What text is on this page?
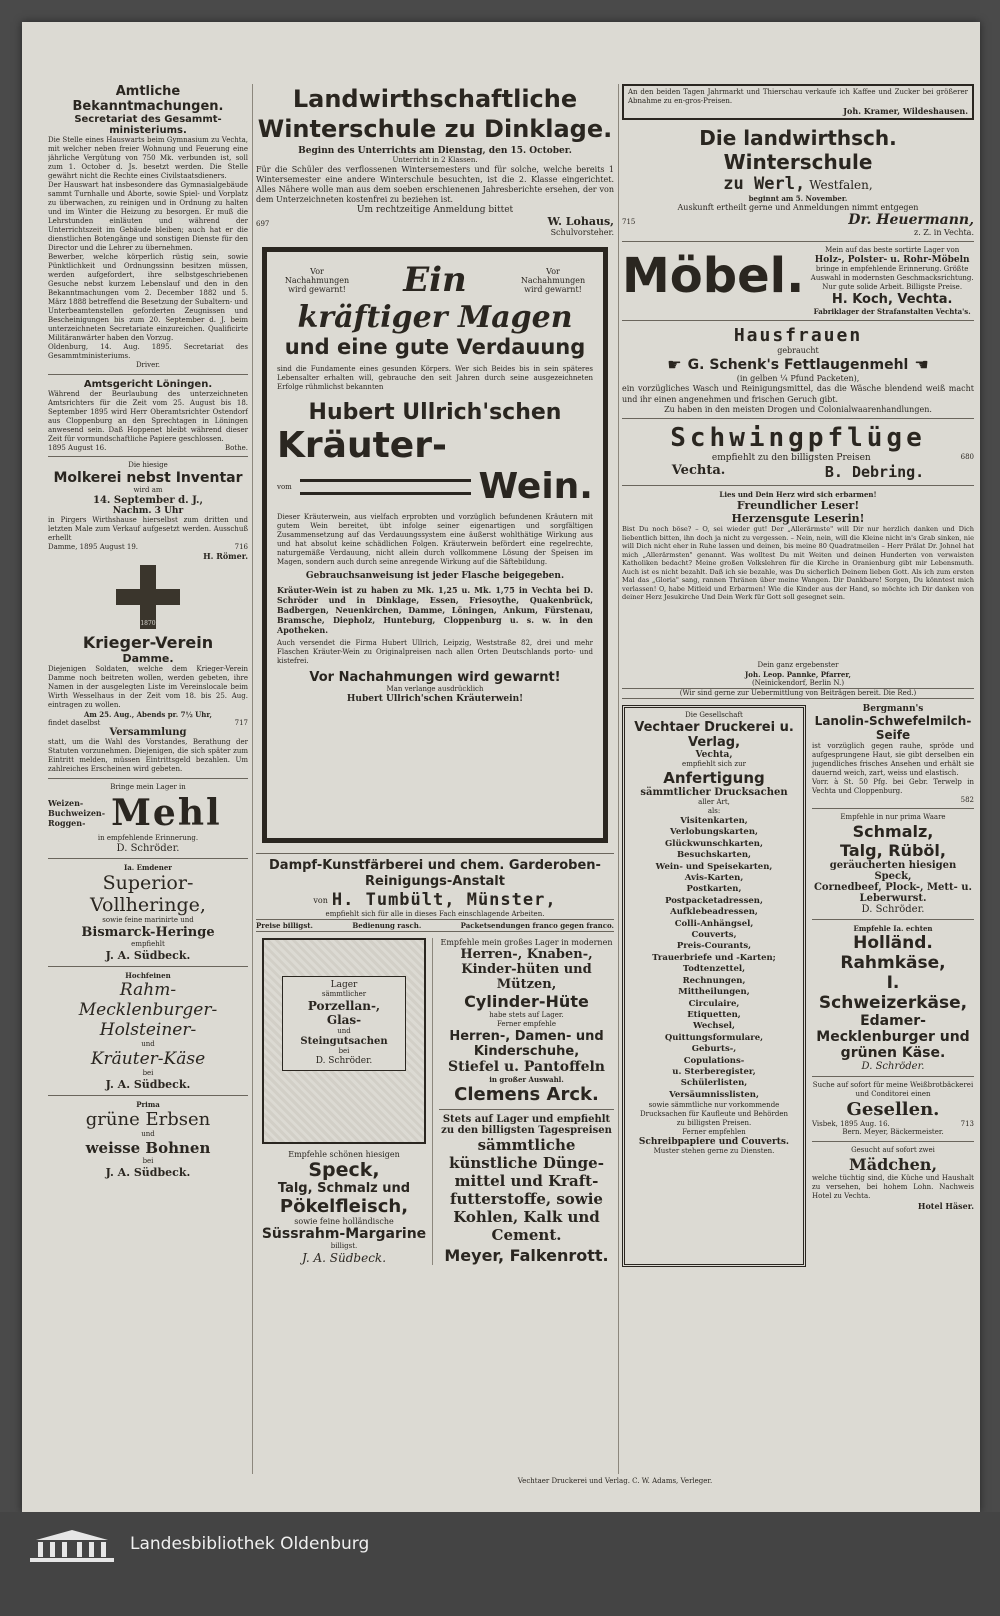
Amtliche Bekanntmachungen.

Secretariat des Gesammt-ministeriums.

Die Stelle eines Hauswarts beim Gymnasium zu Vechta, mit welcher neben freier Wohnung und Feuerung eine jährliche Vergütung von 750 Mk. verbunden ist, soll zum 1. October d. Js. besetzt werden. Die Stelle gewährt nicht die Rechte eines Civilstaatsdieners.

Der Hauswart hat insbesondere das Gymnasialgebäude sammt Turnhalle und Aborte, sowie Spiel- und Vorplatz zu überwachen, zu reinigen und in Ordnung zu halten und im Winter die Heizung zu besorgen. Er muß die Lehrstunden einläuten und während der Unterrichtszeit im Gebäude bleiben; auch hat er die dienstlichen Botengänge und sonstigen Dienste für den Director und die Lehrer zu übernehmen.

Bewerber, welche körperlich rüstig sein, sowie Pünktlichkeit und Ordnungssinn besitzen müssen, werden aufgefordert, ihre selbstgeschriebenen Gesuche nebst kurzem Lebenslauf und den in den Bekanntmachungen vom 2. December 1882 und 5. März 1888 betreffend die Besetzung der Subaltern- und Unterbeamtenstellen geforderten Zeugnissen und Bescheinigungen bis zum 20. September d. J. beim unterzeichneten Secretariate einzureichen. Qualificirte Militäranwärter haben den Vorzug.

Oldenburg, 14. Aug. 1895. Secretariat des Gesammtministeriums.

Driver.

Amtsgericht Löningen.

Während der Beurlaubung des unterzeichneten Amtsrichters für die Zeit vom 25. August bis 18. September 1895 wird Herr Oberamtsrichter Ostendorf aus Cloppenburg an den Sprechtagen in Löningen anwesend sein. Daß Hoppenet bleibt während dieser Zeit für vormundschaftliche Papiere geschlossen.

1895 August 16.	Bothe.

Die hiesige

Molkerei nebst Inventar

wird am

14. September d. J.,

Nachm. 3 Uhr

in Pirgers Wirthshause hierselbst zum dritten und letzten Male zum Verkauf aufgesetzt werden. Ausschuß erhellt

Damme, 1895 August 19.	716

H. Römer.

1870

Krieger-Verein

Damme.

Diejenigen Soldaten, welche dem Krieger-Verein Damme noch beitreten wollen, werden gebeten, ihre Namen in der ausgelegten Liste im Vereinslocale beim Wirth Wesselhaus in der Zeit vom 18. bis 25. Aug. eintragen zu wollen.

Am 25. Aug., Abends pr. 7½ Uhr,

findet daselbst	717

Versammlung

statt, um die Wahl des Vorstandes, Berathung der Statuten vorzunehmen. Diejenigen, die sich später zum Eintritt melden, müssen Eintrittsgeld bezahlen. Um zahlreiches Erscheinen wird gebeten.

Bringe mein Lager in

Weizen-
Buchweizen-
Roggen- Mehl

in empfehlende Erinnerung.

D. Schröder.

Ia. Emdener

Superior-

Vollheringe,

sowie feine marinirte und

Bismarck-Heringe

empfiehlt

J. A. Südbeck.

Hochfeinen

Rahm-

Mecklenburger-

Holsteiner-

und

Kräuter-Käse

bei

J. A. Südbeck.

Prima

grüne Erbsen

und

weisse Bohnen

bei

J. A. Südbeck.

Landwirthschaftliche Winterschule zu Dinklage.

Beginn des Unterrichts am Dienstag, den 15. October.

Unterricht in 2 Klassen.

Für die Schüler des verflossenen Wintersemesters und für solche, welche bereits 1 Wintersemester eine andere Winterschule besuchten, ist die 2. Klasse eingerichtet. Alles Nähere wolle man aus dem soeben erschienenen Jahresberichte ersehen, der von dem Unterzeichneten kostenfrei zu beziehen ist.

Um rechtzeitige Anmeldung bittet

697	W. Lohaus,

Schulvorsteher.

Vor Nachahmungen wird gewarnt!	Ein	Vor Nachahmungen wird gewarnt!

kräftiger Magen

und eine gute Verdauung

sind die Fundamente eines gesunden Körpers. Wer sich Beides bis in sein späteres Lebensalter erhalten will, gebrauche den seit Jahren durch seine ausgezeichneten Erfolge rühmlichst bekannten

Hubert Ullrich'schen

Kräuter-

vom	Wein.

Dieser Kräuterwein, aus vielfach erprobten und vorzüglich befundenen Kräutern mit gutem Wein bereitet, übt infolge seiner eigenartigen und sorgfältigen Zusammensetzung auf das Verdauungssystem eine äußerst wohlthätige Wirkung aus und hat absolut keine schädlichen Folgen. Kräuterwein befördert eine regelrechte, naturgemäße Verdauung, nicht allein durch vollkommene Lösung der Speisen im Magen, sondern auch durch seine anregende Wirkung auf die Säftebildung.

Gebrauchsanweisung ist jeder Flasche beigegeben.

Kräuter-Wein ist zu haben zu Mk. 1,25 u. Mk. 1,75 in Vechta bei D. Schröder und in Dinklage, Essen, Friesoythe, Quakenbrück, Badbergen, Neuenkirchen, Damme, Löningen, Ankum, Fürstenau, Bramsche, Diepholz, Hunteburg, Cloppenburg u. s. w. in den Apotheken.

Auch versendet die Firma Hubert Ullrich, Leipzig, Weststraße 82, drei und mehr Flaschen Kräuter-Wein zu Originalpreisen nach allen Orten Deutschlands porto- und kistefrei.

Vor Nachahmungen wird gewarnt!

Man verlange ausdrücklich

Hubert Ullrich'schen Kräuterwein!

Dampf-Kunstfärberei und chem. Garderoben-Reinigungs-Anstalt

von H. Tumbült, Münster,

empfiehlt sich für alle in dieses Fach einschlagende Arbeiten.

Preise billigst.	Bedienung rasch.	Packetsendungen franco gegen franco.

Lager

sämmtlicher

Porzellan-,

Glas-

und

Steingutsachen

bei

D. Schröder.

Empfehle schönen hiesigen

Speck,

Talg, Schmalz und

Pökelfleisch,

sowie feine holländische

Süssrahm-Margarine

billigst.

J. A. Südbeck.

Empfehle mein großes Lager in modernen

Herren-, Knaben-, Kinder-hüten und Mützen,

Cylinder-Hüte

habe stets auf Lager.

Ferner empfehle

Herren-, Damen- und Kinderschuhe,

Stiefel u. Pantoffeln

in großer Auswahl.

Clemens Arck.

Stets auf Lager und empfiehlt zu den billigsten Tagespreisen

sämmtliche künstliche Dünge-mittel und Kraft-futterstoffe, sowie Kohlen, Kalk und Cement.

Meyer, Falkenrott.

An den beiden Tagen Jahrmarkt und Thierschau verkaufe ich Kaffee und Zucker bei größerer Abnahme zu en-gros-Preisen.

Joh. Kramer, Wildeshausen.

Die landwirthsch. Winterschule

zu Werl, Westfalen,

beginnt am 5. November.

Auskunft ertheilt gerne und Anmeldungen nimmt entgegen

715	Dr. Heuermann,

z. Z. in Vechta.

Möbel.	Mein auf das beste sortirte Lager von

Holz-, Polster- u. Rohr-Möbeln

bringe in empfehlende Erinnerung. Größte Auswahl in modernsten Geschmacksrichtung.

Nur gute solide Arbeit. Billigste Preise.

H. Koch, Vechta.

Fabriklager der Strafanstalten Vechta's.

Hausfrauen

gebraucht

☛ G. Schenk's Fettlaugenmehl ☚

(in gelben ¼ Pfund Packeten),

ein vorzügliches Wasch und Reinigungsmittel, das die Wäsche blendend weiß macht und ihr einen angenehmen und frischen Geruch gibt.

Zu haben in den meisten Drogen und Colonialwaarenhandlungen.

Schwingpflüge

empfiehlt zu den billigsten Preisen	680
Vechta.	B. Debring.

Lies und Dein Herz wird sich erbarmen!

Freundlicher Leser!

Herzensgute Leserin!

Bist Du noch böse? – O, sei wieder gut! Der „Allerärmste" will Dir nur herzlich danken und Dich liebentlich bitten, ihn doch ja nicht zu vergessen. – Nein, nein, will die Kleine nicht in's Grab sinken, nie will Dich nicht eher in Ruhe lassen und deinen, bis meine 80 Quadratmeilen – Herr Prälat Dr. Johnel hat mich „Allerärmsten" genannt. Was wolltest Du mit Weiten und deinen Hunderten von verwaisten Katholiken bedacht? Meine großen Volkslehren für die Kirche in Oranienburg gibt mir Lebensmuth. Auch ist es nicht bezahlt. Daß ich sie bezahle, was Du sicherlich Deinem lieben Gott. Als ich zum ersten Mal das „Gloria" sang, rannen Thränen über meine Wangen. Dir Dankbare! Sorgen, Du könntest mich verlassen! O, habe Mitleid und Erbarmen! Wie die Kinder aus der Hand, so möchte ich Dir danken von deiner Herz Jesukirche Und Dein Werk für Gott soll gesegnet sein.

Dein ganz ergebenster

Joh. Leop. Pannke, Pfarrer,

(Neinickendorf, Berlin N.)

(Wir sind gerne zur Uebermittlung von Beiträgen bereit. Die Red.)

Die Gesellschaft

Vechtaer Druckerei u. Verlag,

Vechta,

empfiehlt sich zur

Anfertigung

sämmtlicher Drucksachen

aller Art,

als:

Visitenkarten,
Verlobungskarten,
Glückwunschkarten,
Besuchskarten,
Wein- und Speisekarten,
Avis-Karten,
Postkarten,
Postpacketadressen,
Aufklebeadressen,
Colli-Anhängsel,
Couverts,
Preis-Courants,
Trauerbriefe und -Karten;
Todtenzettel,
Rechnungen,
Mittheilungen,
Circulaire,
Etiquetten,
Wechsel,
Quittungsformulare,
Geburts-,
Copulations-
u. Sterberegister,
Schülerlisten,
Versäumnisslisten,

sowie sämmtliche nur vorkommende Drucksachen für Kaufleute und Behörden

zu billigsten Preisen.

Ferner empfehlen

Schreibpapiere und Couverts.

Muster stehen gerne zu Diensten.

Bergmann's

Lanolin-Schwefelmilch-Seife

ist vorzüglich gegen rauhe, spröde und aufgesprungene Haut, sie gibt derselben ein jugendliches frisches Ansehen und erhält sie dauernd weich, zart, weiss und elastisch.

Vorr. à St. 50 Pfg. bei Gebr. Terwelp in Vechta und Cloppenburg.

582

Empfehle in nur prima Waare

Schmalz,

Talg, Rüböl,

geräucherten hiesigen Speck,

Cornedbeef, Plock-, Mett- u. Leberwurst.

D. Schröder.

Empfehle Ia. echten

Holländ. Rahmkäse,

I. Schweizerkäse,

Edamer-

Mecklenburger und

grünen Käse.

D. Schröder.

Suche auf sofort für meine Weißbrotbäckerei und Conditorei einen

Gesellen.

Visbek, 1895 Aug. 16.	713

Bern. Meyer, Bäckermeister.

Gesucht auf sofort zwei

Mädchen,

welche tüchtig sind, die Küche und Haushalt zu versehen, bei hohem Lohn. Nachweis Hotel zu Vechta.

Hotel Häser.

Vechtaer Druckerei und Verlag. C. W. Adams, Verleger.

Landesbibliothek Oldenburg
